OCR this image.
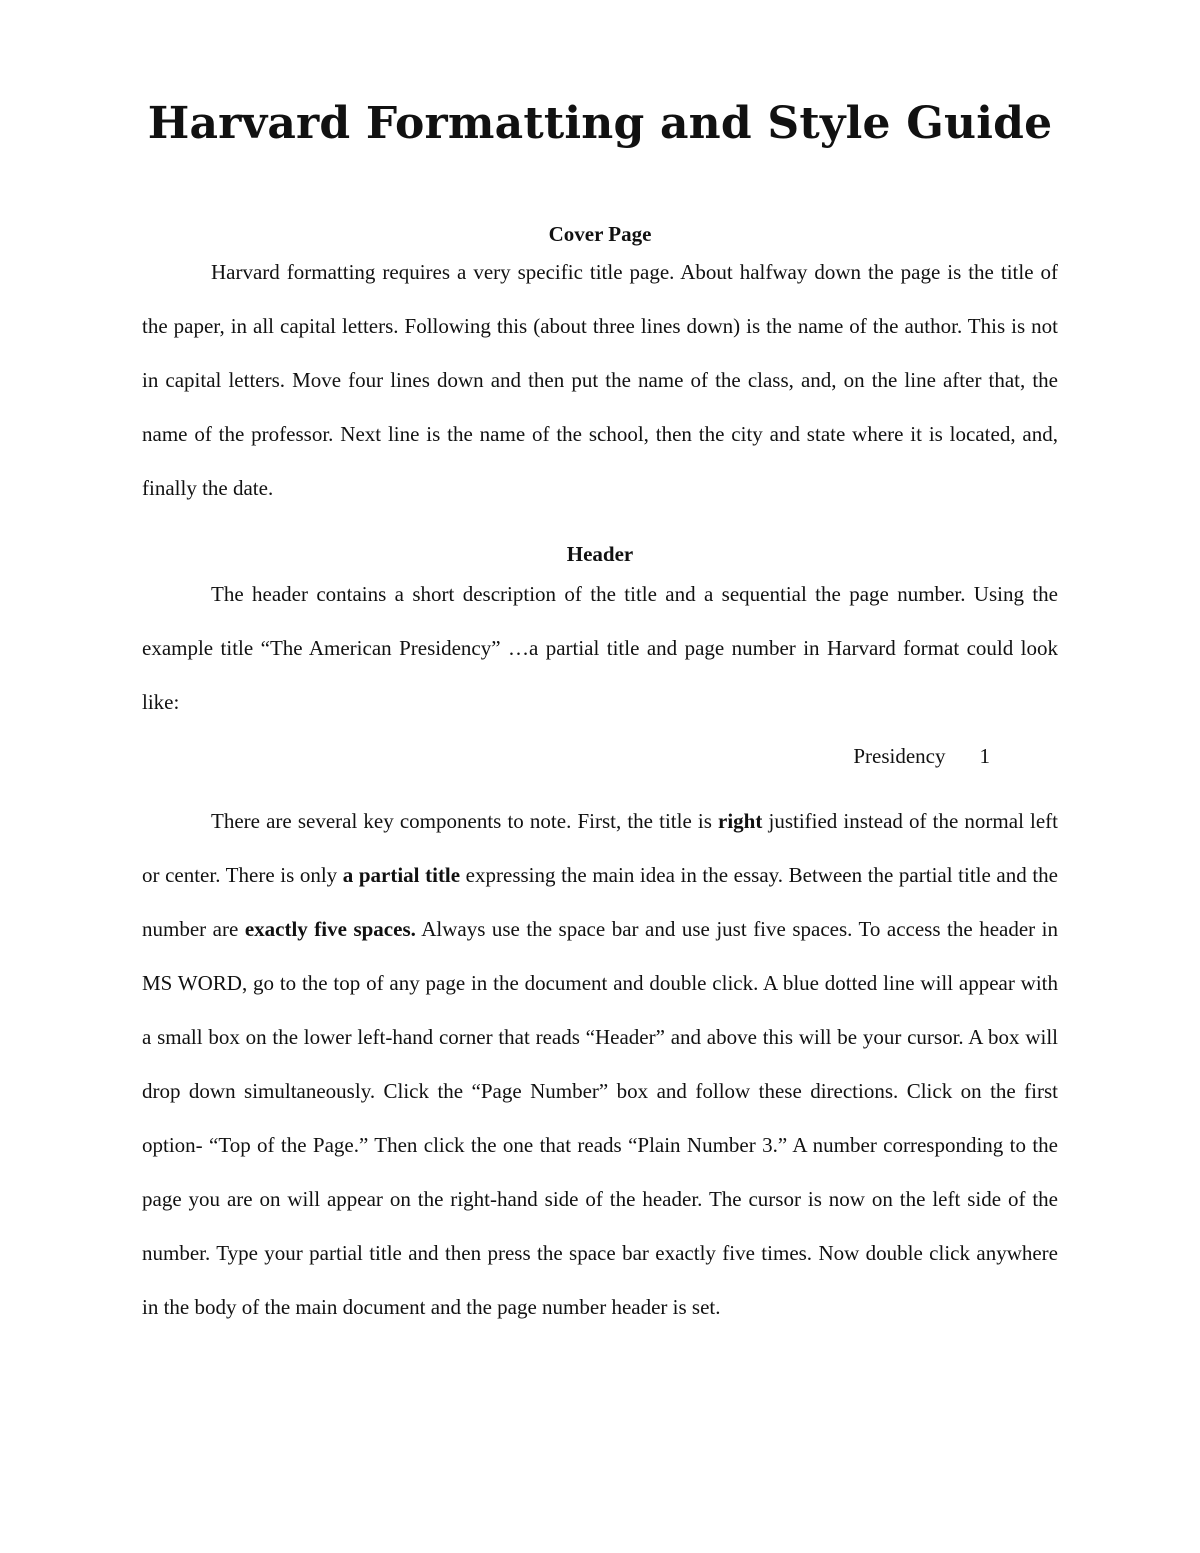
Harvard Formatting and Style Guide
Cover Page

Harvard formatting requires a very specific title page. About halfway down the page is the title of the paper, in all capital letters. Following this (about three lines down) is the name of the author. This is not in capital letters. Move four lines down and then put the name of the class, and, on the line after that, the name of the professor. Next line is the name of the school, then the city and state where it is located, and, finally the date.

Header

The header contains a short description of the title and a sequential the page number. Using the example title “The American Presidency” …a partial title and page number in Harvard format could look like:

Presidency 1

There are several key components to note. First, the title is right justified instead of the normal left or center. There is only a partial title expressing the main idea in the essay. Between the partial title and the number are exactly five spaces. Always use the space bar and use just five spaces. To access the header in MS WORD, go to the top of any page in the document and double click. A blue dotted line will appear with a small box on the lower left-hand corner that reads “Header” and above this will be your cursor. A box will drop down simultaneously. Click the “Page Number” box and follow these directions. Click on the first option- “Top of the Page.” Then click the one that reads “Plain Number 3.” A number corresponding to the page you are on will appear on the right-hand side of the header. The cursor is now on the left side of the number. Type your partial title and then press the space bar exactly five times. Now double click anywhere in the body of the main document and the page number header is set.
